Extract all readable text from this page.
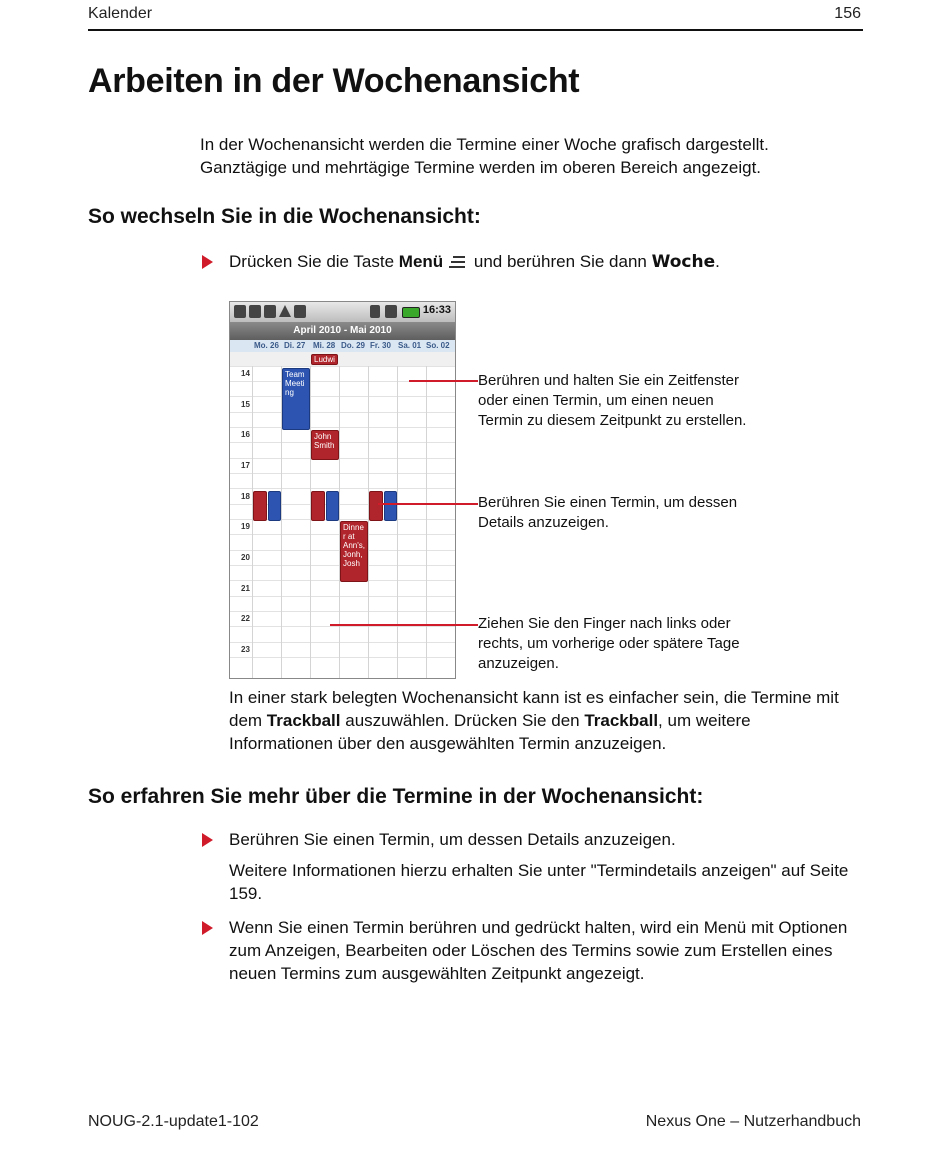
Kalender	156
Arbeiten in der Wochenansicht
In der Wochenansicht werden die Termine einer Woche grafisch dargestellt.
Ganztägige und mehrtägige Termine werden im oberen Bereich angezeigt.
So wechseln Sie in die Wochenansicht:
Drücken Sie die Taste Menü
und berühren Sie dann Woche.
16:33
April 2010 - Mai 2010
Mo. 26 Di. 27 Mi. 28 Do. 29 Fr. 30 Sa. 01 So. 02
Ludwi
14
15
16
17
18
19
20
21
22
23
Team Meeti ng
John Smith
Dinne r at Ann's, Jonh, Josh
Berühren und halten Sie ein Zeitfenster
oder einen Termin, um einen neuen
Termin zu diesem Zeitpunkt zu erstellen.
Berühren Sie einen Termin, um dessen
Details anzuzeigen.
Ziehen Sie den Finger nach links oder
rechts, um vorherige oder spätere Tage
anzuzeigen.
In einer stark belegten Wochenansicht kann ist es einfacher sein, die Termine mit dem Trackball auszuwählen. Drücken Sie den Trackball, um weitere Informationen über den ausgewählten Termin anzuzeigen.
So erfahren Sie mehr über die Termine in der Wochenansicht:
Berühren Sie einen Termin, um dessen Details anzuzeigen.
Weitere Informationen hierzu erhalten Sie unter "Termindetails anzeigen" auf Seite 159.
Wenn Sie einen Termin berühren und gedrückt halten, wird ein Menü mit Optionen zum Anzeigen, Bearbeiten oder Löschen des Termins sowie zum Erstellen eines neuen Termins zum ausgewählten Zeitpunkt angezeigt.
NOUG-2.1-update1-102	Nexus One – Nutzerhandbuch
